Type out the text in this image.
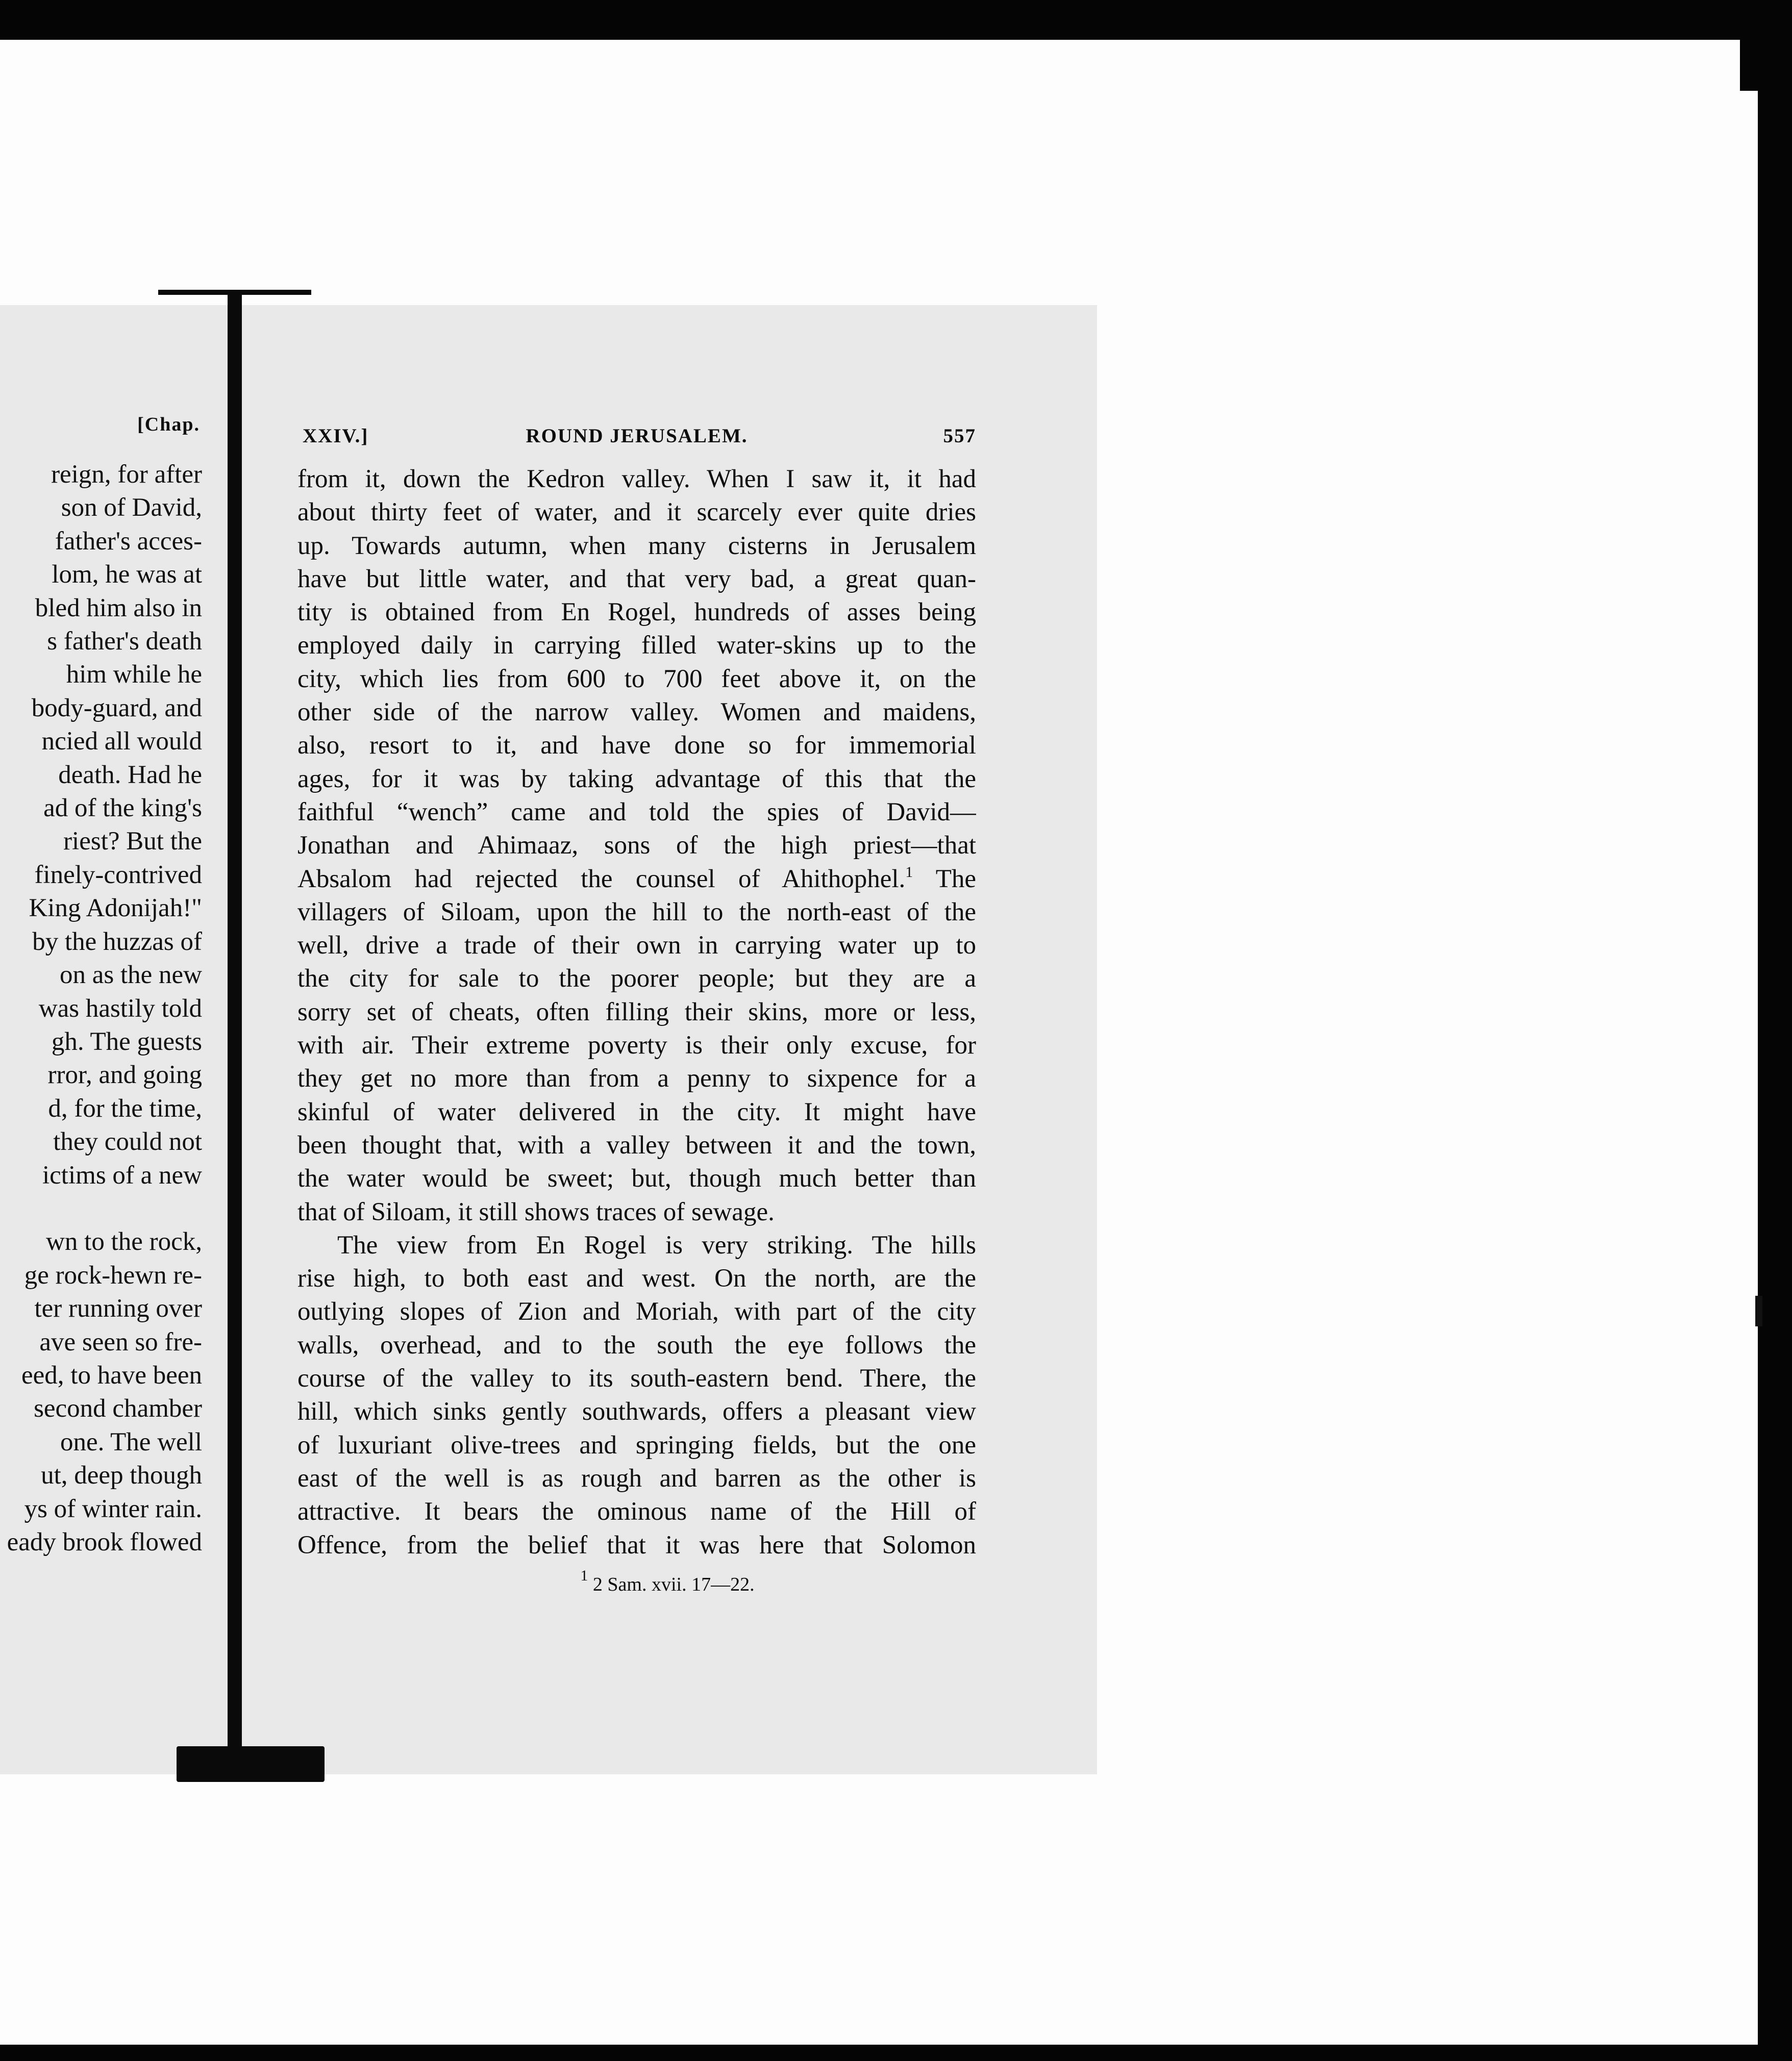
[Chap.
reign, for after
son of David,
father's acces-
lom, he was at
bled him also in
s father's death
him while he
body-guard, and
ncied all would
death. Had he
ad of the king's
riest? But the
finely-contrived
King Adonijah!"
by the huzzas of
on as the new
was hastily told
gh. The guests
rror, and going
d, for the time,
they could not
ictims of a new

wn to the rock,
ge rock-hewn re-
ter running over
ave seen so fre-
eed, to have been
second chamber
one. The well
ut, deep though
ys of winter rain.
eady brook flowed
XXIV.]	ROUND JERUSALEM.	557
from it, down the Kedron valley. When I saw it, it had
about thirty feet of water, and it scarcely ever quite dries
up. Towards autumn, when many cisterns in Jerusalem
have but little water, and that very bad, a great quan-
tity is obtained from En Rogel, hundreds of asses being
employed daily in carrying filled water-skins up to the
city, which lies from 600 to 700 feet above it, on the
other side of the narrow valley. Women and maidens,
also, resort to it, and have done so for immemorial
ages, for it was by taking advantage of this that the
faithful “wench” came and told the spies of David—
Jonathan and Ahimaaz, sons of the high priest—that
Absalom had rejected the counsel of Ahithophel.$^1$ The
villagers of Siloam, upon the hill to the north-east of the
well, drive a trade of their own in carrying water up to
the city for sale to the poorer people; but they are a
sorry set of cheats, often filling their skins, more or less,
with air. Their extreme poverty is their only excuse, for
they get no more than from a penny to sixpence for a
skinful of water delivered in the city. It might have
been thought that, with a valley between it and the town,
the water would be sweet; but, though much better than
that of Siloam, it still shows traces of sewage.
The view from En Rogel is very striking. The hills
rise high, to both east and west. On the north, are the
outlying slopes of Zion and Moriah, with part of the city
walls, overhead, and to the south the eye follows the
course of the valley to its south-eastern bend. There, the
hill, which sinks gently southwards, offers a pleasant view
of luxuriant olive-trees and springing fields, but the one
east of the well is as rough and barren as the other is
attractive. It bears the ominous name of the Hill of
Offence, from the belief that it was here that Solomon
$^1$ 2 Sam. xvii. 17—22.
